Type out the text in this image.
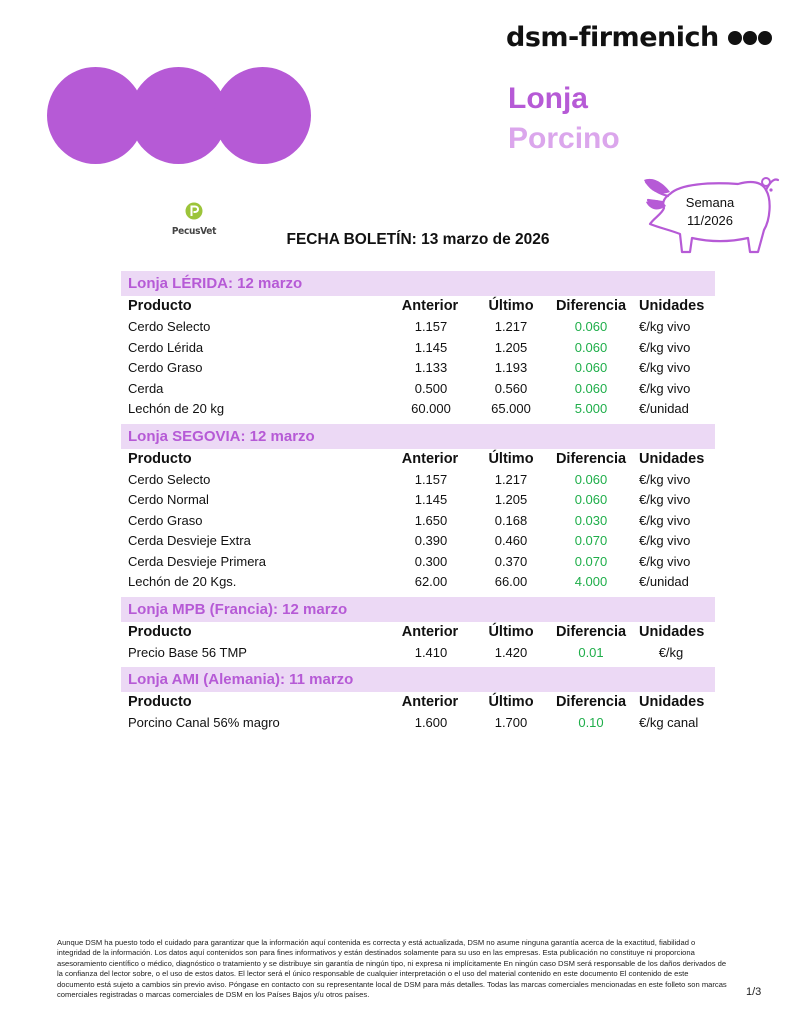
dsm-firmenich
Lonja
Porcino
Semana
11/2026
PecusVet	FECHA BOLETÍN: 13 marzo de 2026
Lonja LÉRIDA: 12 marzo
Producto	Anterior	Último	Diferencia Unidades
Cerdo Selecto	1.157	1.217	0.060	€/kg vivo
Cerdo Lérida	1.145	1.205	0.060	€/kg vivo
Cerdo Graso	1.133	1.193	0.060	€/kg vivo
Cerda	0.500	0.560	0.060	€/kg vivo
Lechón de 20 kg	60.000	65.000	5.000	€/unidad
Lonja SEGOVIA: 12 marzo
Producto	Anterior	Último	Diferencia Unidades
Cerdo Selecto	1.157	1.217	0.060	€/kg vivo
Cerdo Normal	1.145	1.205	0.060	€/kg vivo
Cerdo Graso	1.650	0.168	0.030	€/kg vivo
Cerda Desvieje Extra	0.390	0.460	0.070	€/kg vivo
Cerda Desvieje Primera	0.300	0.370	0.070	€/kg vivo
Lechón de 20 Kgs.	62.00	66.00	4.000	€/unidad
Lonja MPB (Francia): 12 marzo
Producto	Anterior	Último	Diferencia Unidades
Precio Base 56 TMP	1.410	1.420	0.01	€/kg
Lonja AMI (Alemania): 11 marzo
Producto	Anterior	Último	Diferencia Unidades
Porcino Canal 56% magro	1.600	1.700	0.10	€/kg canal
Aunque DSM ha puesto todo el cuidado para garantizar que la información aquí contenida es correcta y está actualizada, DSM no asume ninguna garantía acerca de la exactitud, fiabilidad o integridad de la información. Los datos aquí contenidos son para fines informativos y están destinados solamente para su uso en las empresas. Esta publicación no constituye ni proporciona asesoramiento científico o médico, diagnóstico o tratamiento y se distribuye sin garantía de ningún tipo, ni expresa ni implícitamente En ningún caso DSM será responsable de los daños derivados de la confianza del lector sobre, o el uso de estos datos. El lector será el único responsable de cualquier interpretación o el uso del material contenido en este documento El contenido de este documento está sujeto a cambios sin previo aviso. Póngase en contacto con su representante local de DSM para más detalles. Todas las marcas comerciales mencionadas en este folleto son marcas comerciales registradas o marcas comerciales de DSM en los Países Bajos y/u otros países.	1/3
